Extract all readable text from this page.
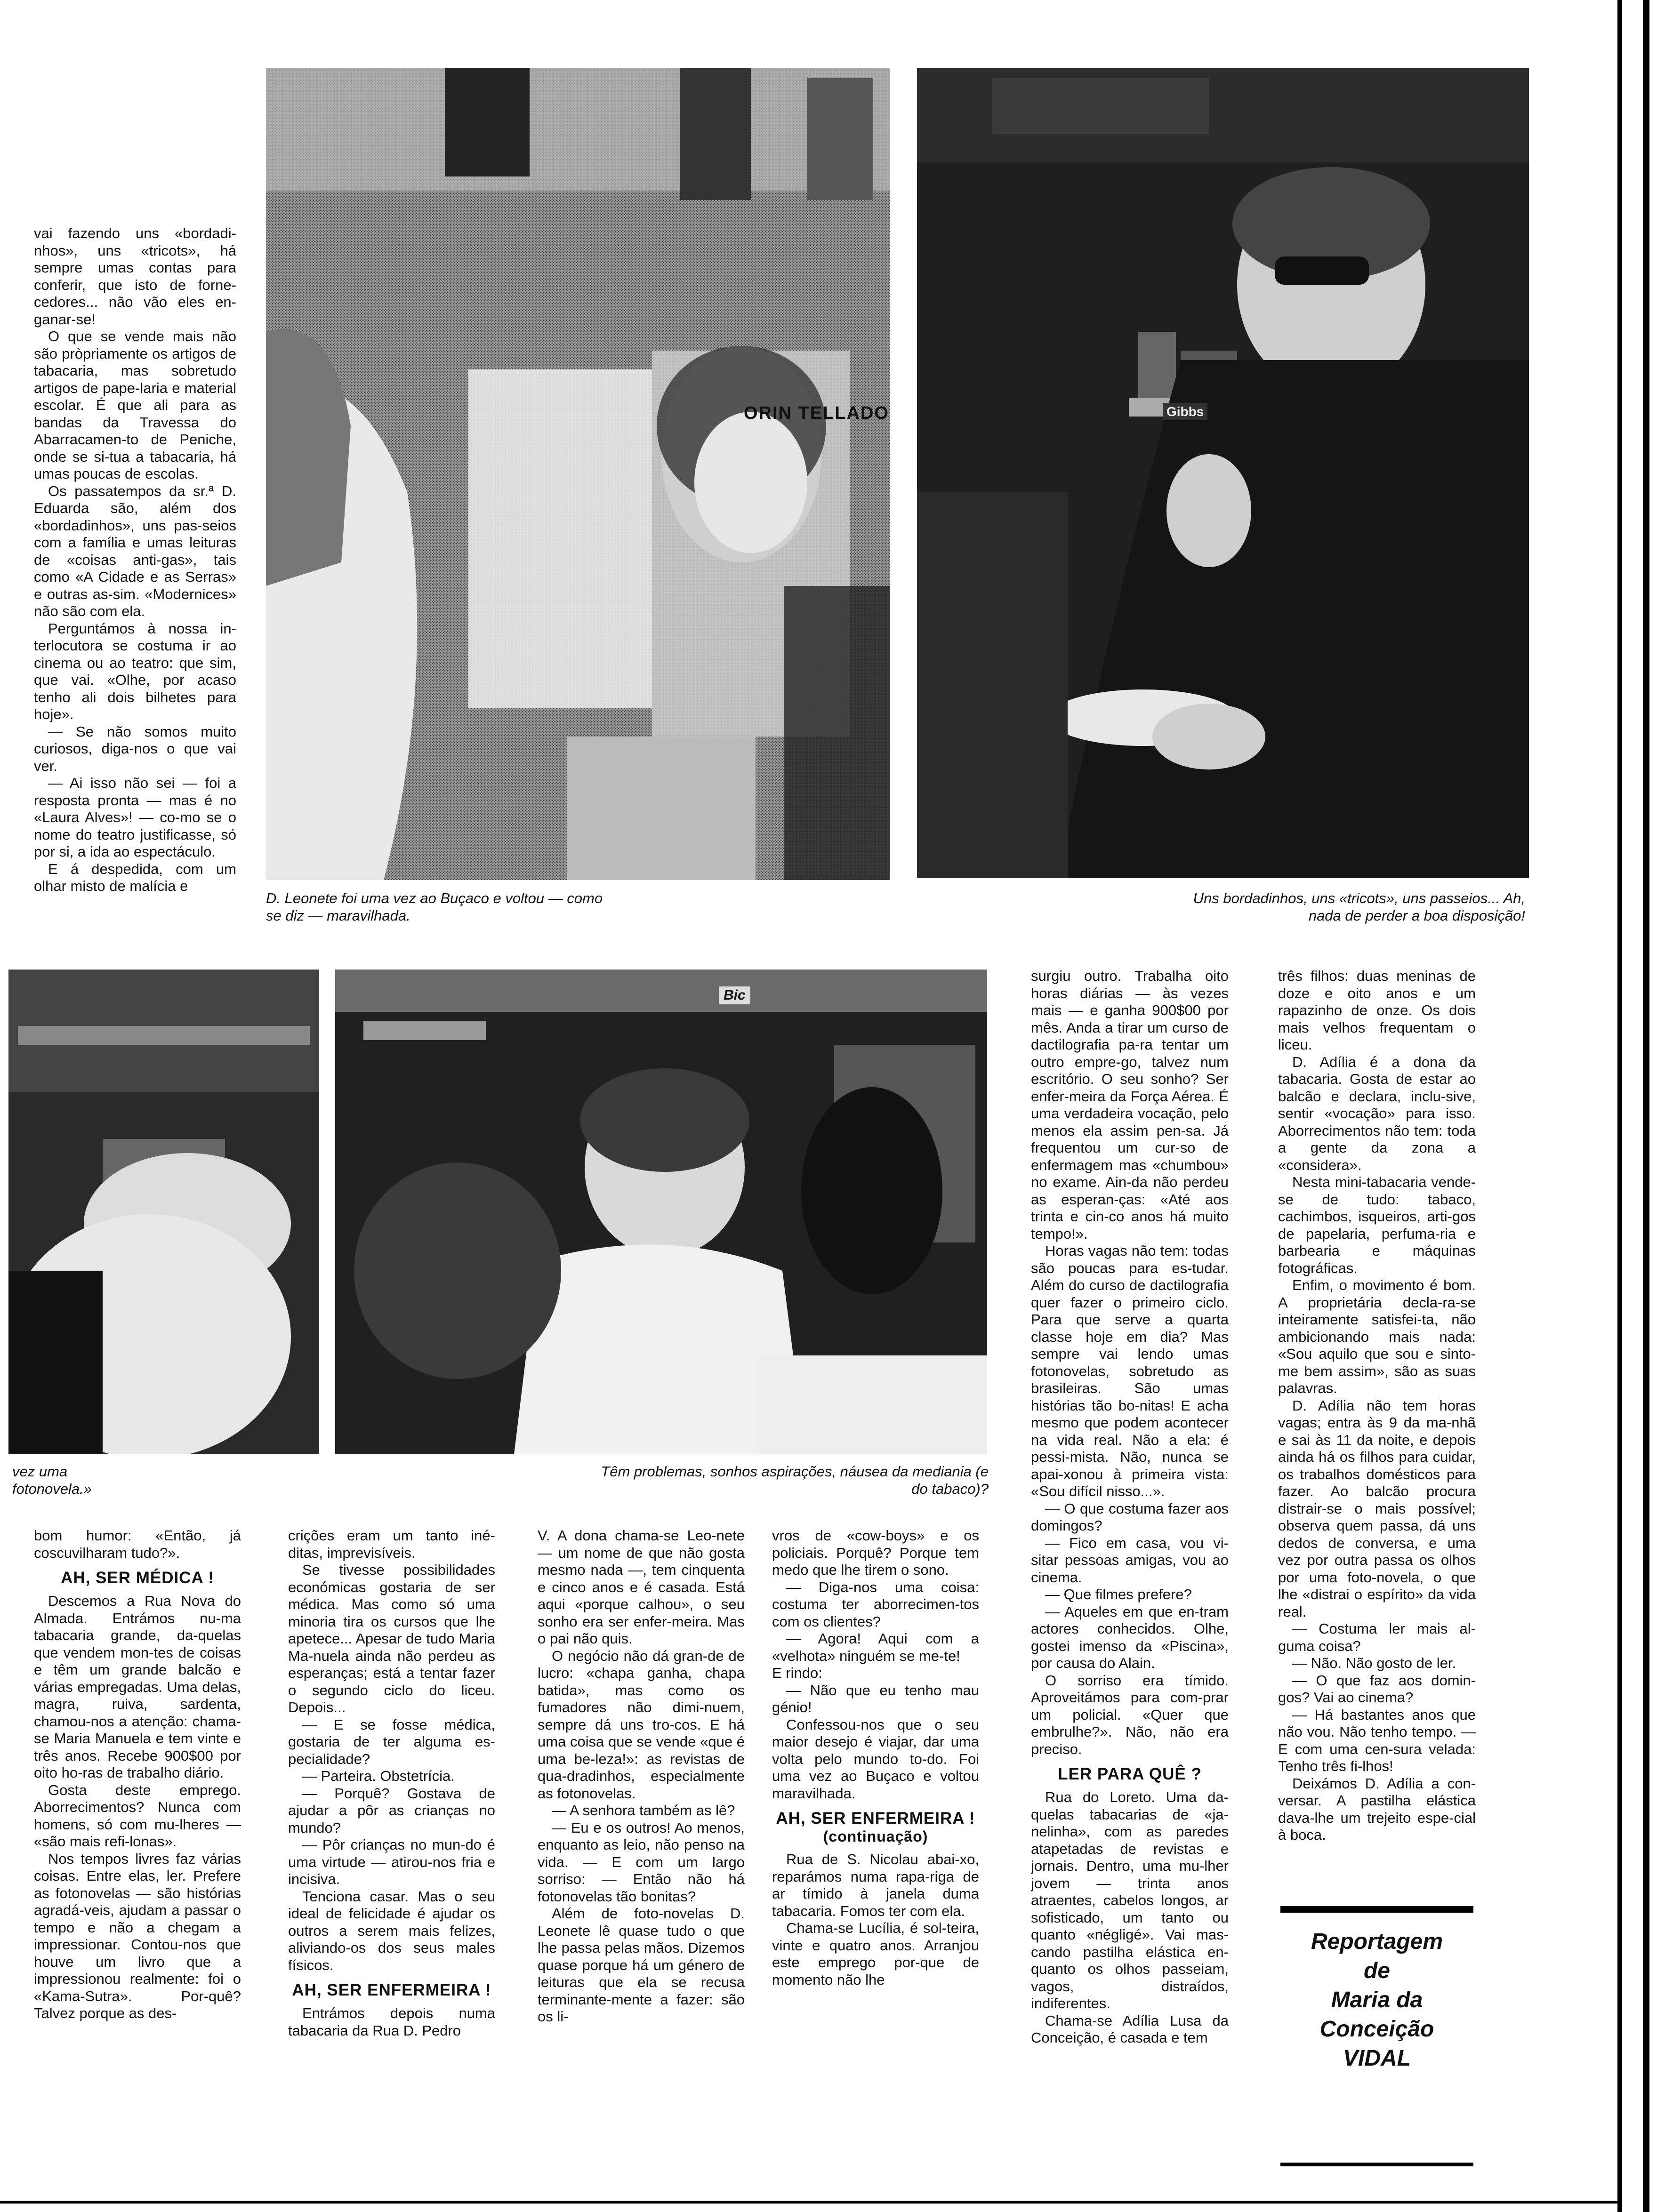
vai fazendo uns «bordadi-nhos», uns «tricots», há sempre umas contas para conferir, que isto de forne-cedores... não vão eles en-ganar-se!

O que se vende mais não são pròpriamente os artigos de tabacaria, mas sobretudo artigos de pape-laria e material escolar. É que ali para as bandas da Travessa do Abarracamen-to de Peniche, onde se si-tua a tabacaria, há umas poucas de escolas.

Os passatempos da sr.ª D. Eduarda são, além dos «bordadinhos», uns pas-seios com a família e umas leituras de «coisas anti-gas», tais como «A Cidade e as Serras» e outras as-sim. «Modernices» não são com ela.

Perguntámos à nossa in-terlocutora se costuma ir ao cinema ou ao teatro: que sim, que vai. «Olhe, por acaso tenho ali dois bilhetes para hoje».

— Se não somos muito curiosos, diga-nos o que vai ver.

— Ai isso não sei — foi a resposta pronta — mas é no «Laura Alves»! — co-mo se o nome do teatro justificasse, só por si, a ida ao espectáculo.

E á despedida, com um olhar misto de malícia e

ORIN TELLADO	Gibbs
D. Leonete foi uma vez ao Buçaco e voltou — como se diz — maravilhada.
Uns bordadinhos, uns «tricots», uns passeios... Ah, nada de perder a boa disposição!
Bic
vez uma fotonovela.»
Têm problemas, sonhos aspirações, náusea da mediania (e do tabaco)?

surgiu outro. Trabalha oito horas diárias — às vezes mais — e ganha 900$00 por mês. Anda a tirar um curso de dactilografia pa-ra tentar um outro empre-go, talvez num escritório. O seu sonho? Ser enfer-meira da Força Aérea. É uma verdadeira vocação, pelo menos ela assim pen-sa. Já frequentou um cur-so de enfermagem mas «chumbou» no exame. Ain-da não perdeu as esperan-ças: «Até aos trinta e cin-co anos há muito tempo!».

Horas vagas não tem: todas são poucas para es-tudar. Além do curso de dactilografia quer fazer o primeiro ciclo. Para que serve a quarta classe hoje em dia? Mas sempre vai lendo umas fotonovelas, sobretudo as brasileiras. São umas histórias tão bo-nitas! E acha mesmo que podem acontecer na vida real. Não a ela: é pessi-mista. Não, nunca se apai-xonou à primeira vista: «Sou difícil nisso...».

— O que costuma fazer aos domingos?

— Fico em casa, vou vi-sitar pessoas amigas, vou ao cinema.

— Que filmes prefere?

— Aqueles em que en-tram actores conhecidos. Olhe, gostei imenso da «Piscina», por causa do Alain.

O sorriso era tímido. Aproveitámos para com-prar um policial. «Quer que embrulhe?». Não, não era preciso.

LER PARA QUÊ ?

Rua do Loreto. Uma da-quelas tabacarias de «ja-nelinha», com as paredes atapetadas de revistas e jornais. Dentro, uma mu-lher jovem — trinta anos atraentes, cabelos longos, ar sofisticado, um tanto ou quanto «négligé». Vai mas-cando pastilha elástica en-quanto os olhos passeiam, vagos, distraídos, indiferentes.

Chama-se Adília Lusa da Conceição, é casada e tem

três filhos: duas meninas de doze e oito anos e um rapazinho de onze. Os dois mais velhos frequentam o liceu.

D. Adília é a dona da tabacaria. Gosta de estar ao balcão e declara, inclu-sive, sentir «vocação» para isso. Aborrecimentos não tem: toda a gente da zona a «considera».

Nesta mini-tabacaria vende-se de tudo: tabaco, cachimbos, isqueiros, arti-gos de papelaria, perfuma-ria e barbearia e máquinas fotográficas.

Enfim, o movimento é bom. A proprietária decla-ra-se inteiramente satisfei-ta, não ambicionando mais nada: «Sou aquilo que sou e sinto-me bem assim», são as suas palavras.

D. Adília não tem horas vagas; entra às 9 da ma-nhã e sai às 11 da noite, e depois ainda há os filhos para cuidar, os trabalhos domésticos para fazer. Ao balcão procura distrair-se o mais possível; observa quem passa, dá uns dedos de conversa, e uma vez por outra passa os olhos por uma foto-novela, o que lhe «distrai o espírito» da vida real.

— Costuma ler mais al-guma coisa?

— Não. Não gosto de ler.

— O que faz aos domin-gos? Vai ao cinema?

— Há bastantes anos que não vou. Não tenho tempo. — E com uma cen-sura velada: Tenho três fi-lhos!

Deixámos D. Adília a con-versar. A pastilha elástica dava-lhe um trejeito espe-cial à boca.

bom humor: «Então, já coscuvilharam tudo?».

AH, SER MÉDICA !

Descemos a Rua Nova do Almada. Entrámos nu-ma tabacaria grande, da-quelas que vendem mon-tes de coisas e têm um grande balcão e várias empregadas. Uma delas, magra, ruiva, sardenta, chamou-nos a atenção: chama-se Maria Manuela e tem vinte e três anos. Recebe 900$00 por oito ho-ras de trabalho diário.

Gosta deste emprego. Aborrecimentos? Nunca com homens, só com mu-lheres — «são mais refi-lonas».

Nos tempos livres faz várias coisas. Entre elas, ler. Prefere as fotonovelas — são histórias agradá-veis, ajudam a passar o tempo e não a chegam a impressionar. Contou-nos que houve um livro que a impressionou realmente: foi o «Kama-Sutra». Por-quê? Talvez porque as des-

crições eram um tanto iné-ditas, imprevisíveis.

Se tivesse possibilidades económicas gostaria de ser médica. Mas como só uma minoria tira os cursos que lhe apetece... Apesar de tudo Maria Ma-nuela ainda não perdeu as esperanças; está a tentar fazer o segundo ciclo do liceu. Depois...

— E se fosse médica, gostaria de ter alguma es-pecialidade?

— Parteira. Obstetrícia.

— Porquê? Gostava de ajudar a pôr as crianças no mundo?

— Pôr crianças no mun-do é uma virtude — atirou-nos fria e incisiva.

Tenciona casar. Mas o seu ideal de felicidade é ajudar os outros a serem mais felizes, aliviando-os dos seus males físicos.

AH, SER ENFERMEIRA !

Entrámos depois numa tabacaria da Rua D. Pedro

V. A dona chama-se Leo-nete — um nome de que não gosta mesmo nada —, tem cinquenta e cinco anos e é casada. Está aqui «porque calhou», o seu sonho era ser enfer-meira. Mas o pai não quis.

O negócio não dá gran-de de lucro: «chapa ganha, chapa batida», mas como os fumadores não dimi-nuem, sempre dá uns tro-cos. E há uma coisa que se vende «que é uma be-leza!»: as revistas de qua-dradinhos, especialmente as fotonovelas.

— A senhora também as lê?

— Eu e os outros! Ao menos, enquanto as leio, não penso na vida. — E com um largo sorriso: — Então não há fotonovelas tão bonitas?

Além de foto-novelas D. Leonete lê quase tudo o que lhe passa pelas mãos. Dizemos quase porque há um género de leituras que ela se recusa terminante-mente a fazer: são os li-

vros de «cow-boys» e os policiais. Porquê? Porque tem medo que lhe tirem o sono.

— Diga-nos uma coisa: costuma ter aborrecimen-tos com os clientes?

— Agora! Aqui com a «velhota» ninguém se me-te!

E rindo:

— Não que eu tenho mau génio!

Confessou-nos que o seu maior desejo é viajar, dar uma volta pelo mundo to-do. Foi uma vez ao Buçaco e voltou maravilhada.

AH, SER ENFERMEIRA !
(continuação)

Rua de S. Nicolau abai-xo, reparámos numa rapa-riga de ar tímido à janela duma tabacaria. Fomos ter com ela.

Chama-se Lucília, é sol-teira, vinte e quatro anos. Arranjou este emprego por-que de momento não lhe

Reportagem
de
Maria da Conceição
VIDAL
